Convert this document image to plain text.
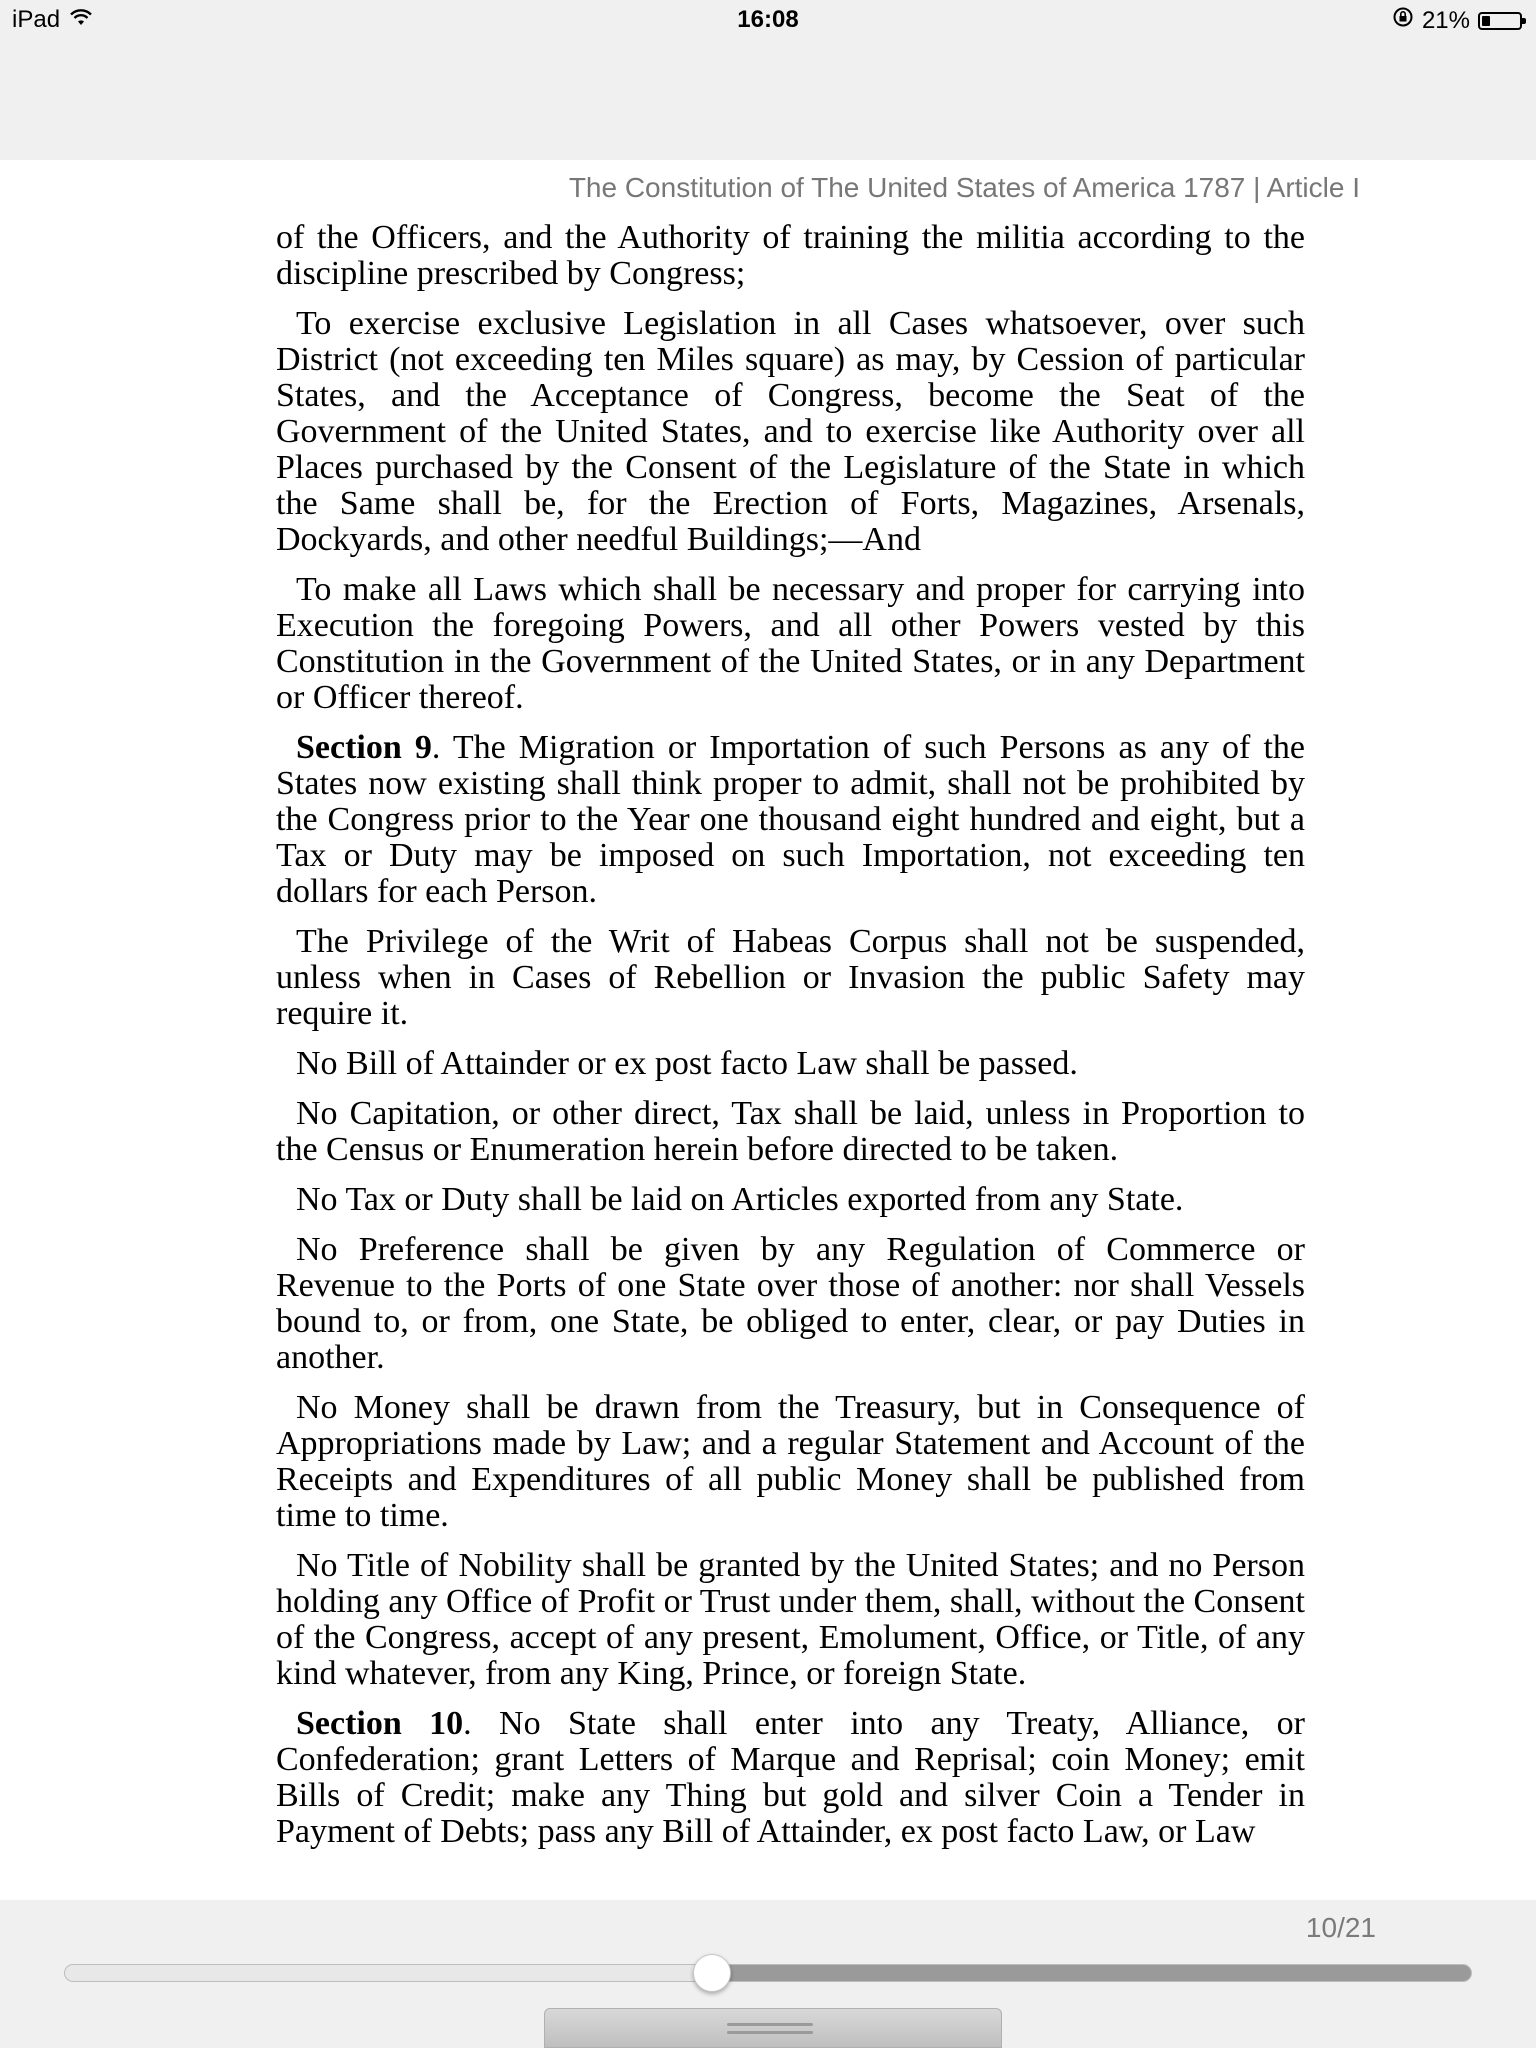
iPad	16:08	21%
The Constitution of The United States of America 1787 | Article I

of the Officers, and the Authority of training the militia according to the discipline prescribed by Congress;

To exercise exclusive Legislation in all Cases whatsoever, over such District (not exceeding ten Miles square) as may, by Cession of particular States, and the Acceptance of Congress, become the Seat of the Government of the United States, and to exercise like Authority over all Places purchased by the Consent of the Legislature of the State in which the Same shall be, for the Erection of Forts, Magazines, Arsenals, Dockyards, and other needful Buildings;—And

To make all Laws which shall be necessary and proper for carrying into Execution the foregoing Powers, and all other Powers vested by this Constitution in the Government of the United States, or in any Department or Officer thereof.

Section 9. The Migration or Importation of such Persons as any of the States now existing shall think proper to admit, shall not be prohibited by the Congress prior to the Year one thousand eight hundred and eight, but a Tax or Duty may be imposed on such Importation, not exceeding ten dollars for each Person.

The Privilege of the Writ of Habeas Corpus shall not be suspended, unless when in Cases of Rebellion or Invasion the public Safety may require it.

No Bill of Attainder or ex post facto Law shall be passed.

No Capitation, or other direct, Tax shall be laid, unless in Proportion to the Census or Enumeration herein before directed to be taken.

No Tax or Duty shall be laid on Articles exported from any State.

No Preference shall be given by any Regulation of Commerce or Revenue to the Ports of one State over those of another: nor shall Vessels bound to, or from, one State, be obliged to enter, clear, or pay Duties in another.

No Money shall be drawn from the Treasury, but in Consequence of Appropriations made by Law; and a regular Statement and Account of the Receipts and Expenditures of all public Money shall be published from time to time.

No Title of Nobility shall be granted by the United States; and no Person holding any Office of Profit or Trust under them, shall, without the Consent of the Congress, accept of any present, Emolument, Office, or Title, of any kind whatever, from any King, Prince, or foreign State.

Section 10. No State shall enter into any Treaty, Alliance, or Confederation; grant Letters of Marque and Reprisal; coin Money; emit Bills of Credit; make any Thing but gold and silver Coin a Tender in Payment of Debts; pass any Bill of Attainder, ex post facto Law, or Law

10/21
